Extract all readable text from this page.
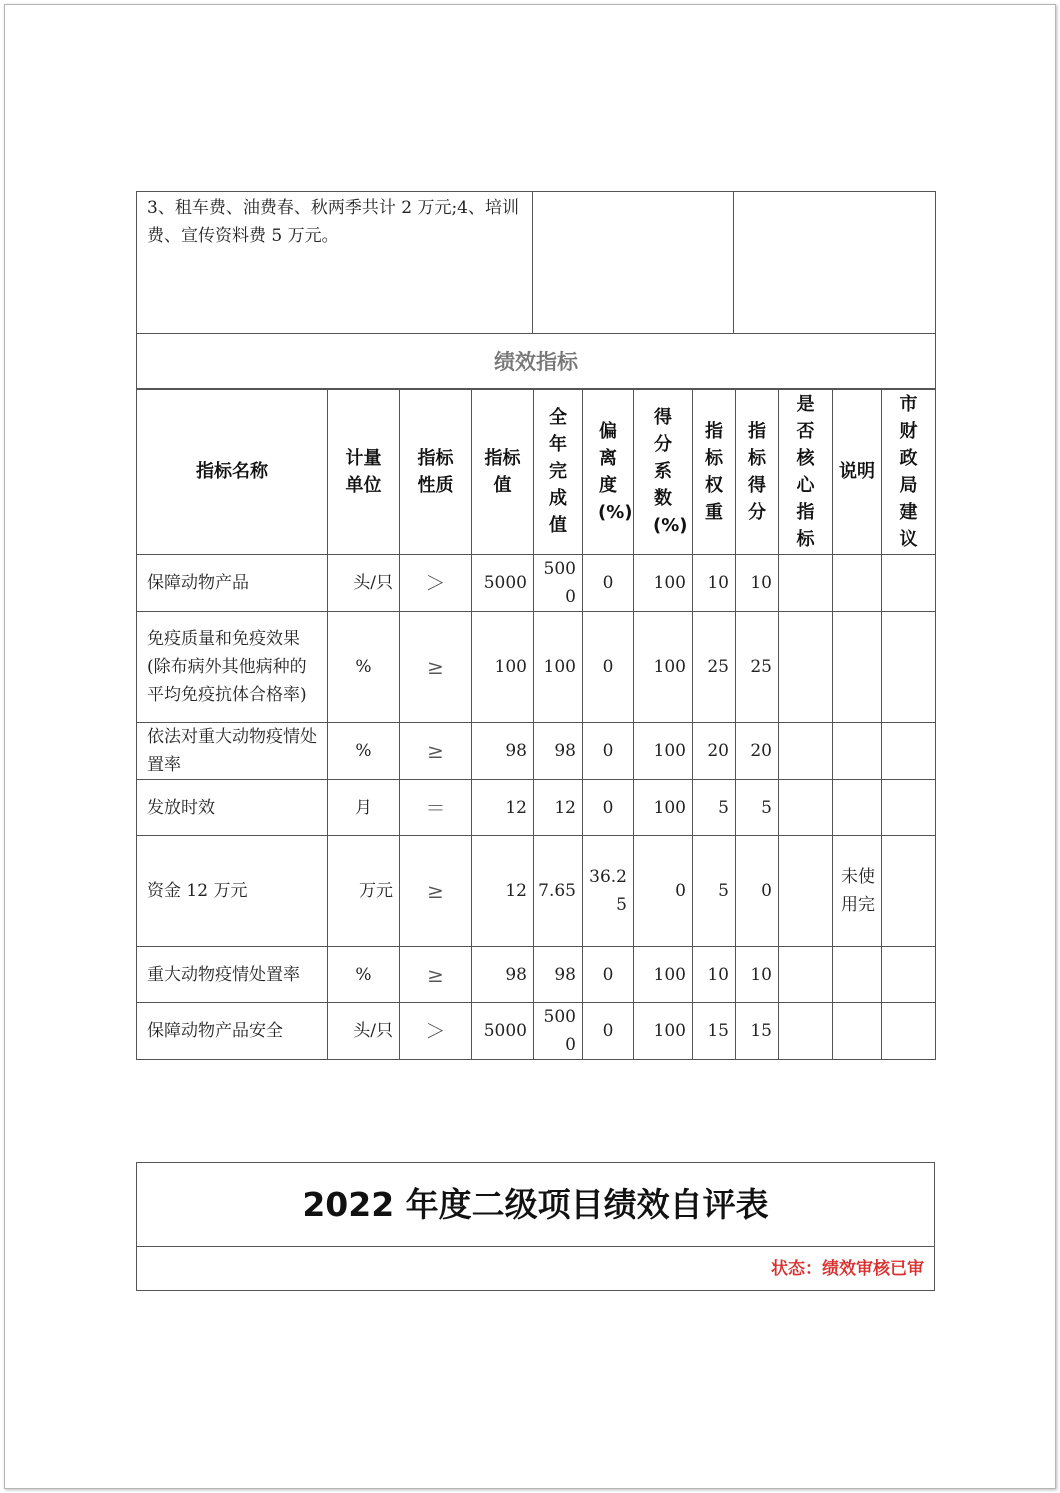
3、租车费、油费春、秋两季共计 2 万元;4、培训费、宣传资料费 5 万元。		
绩效指标
指标名称	计量单位	指标性质	指标值	全年完成值	偏离度(%)	得分系数(%)	指标权重	指标得分	是否核心指标	说明	市财政局建议

保障动物产品	头/只	＞	5000	5000	0	100	10	10			
免疫质量和免疫效果(除布病外其他病种的平均免疫抗体合格率)	%	≥	100	100	0	100	25	25			
依法对重大动物疫情处置率	%	≥	98	98	0	100	20	20			
发放时效	月	＝	12	12	0	100	5	5			
资金 12 万元	万元	≥	12	7.65	36.25	0	5	0		未使用完	
重大动物疫情处置率	%	≥	98	98	0	100	10	10			
保障动物产品安全	头/只	＞	5000	5000	0	100	15	15			
2022 年度二级项目绩效自评表
状态：绩效审核已审
